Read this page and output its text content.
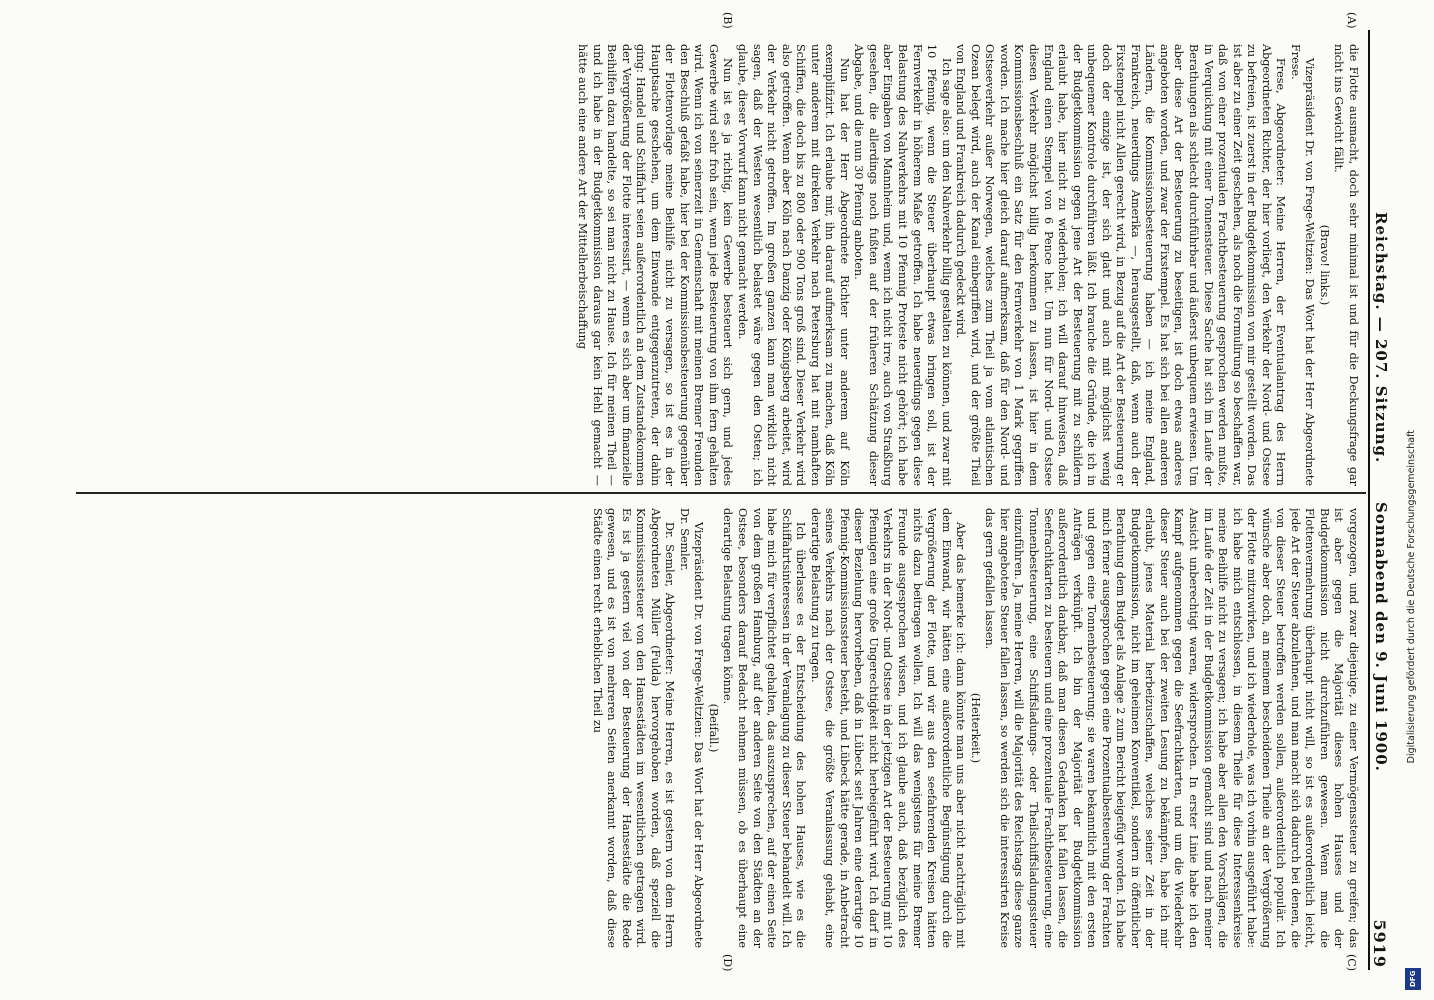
Reichstag. — 207. Sitzung.
Sonnabend den 9. Juni 1900.
5919
(A)
(B)
(C)
(D)

die Flotte ausmacht, doch sehr minimal ist und für die Deckungsfrage gar nicht ins Gewicht fällt.

(Bravo! links.)

Vizepräsident Dr. von Frege-Weltzien: Das Wort hat der Herr Abgeordnete Frese.

Frese, Abgeordneter: Meine Herren, der Eventualantrag des Herrn Abgeordneten Richter, der hier vorliegt, den Verkehr der Nord- und Ostsee zu befreien, ist zuerst in der Budgetkommission von mir gestellt worden. Das ist aber zu einer Zeit geschehen, als noch die Formulirung so beschaffen war, daß von einer prozentualen Frachtbesteuerung gesprochen werden mußte, in Verquickung mit einer Tonnensteuer. Diese Sache hat sich im Laufe der Berathungen als schlecht durchführbar und äußerst unbequem erwiesen. Um aber diese Art der Besteuerung zu beseitigen, ist doch etwas anderes angeboten worden, und zwar der Fixstempel. Es hat sich bei allen anderen Ländern, die Kommissionsbesteuerung haben — ich meine England, Frankreich, neuerdings Amerika —, herausgestellt, daß, wenn auch der Fixstempel nicht Allen gerecht wird, in Bezug auf die Art der Besteuerung er doch der einzige ist, der sich glatt und auch mit möglichst wenig unbequemer Kontrole durchführen läßt. Ich brauche die Gründe, die ich in der Budgetkommission gegen jene Art der Besteuerung mit zu schildern erlaubt habe, hier nicht zu wiederholen; ich will darauf hinweisen, daß England einen Stempel von 6 Pence hat. Um nun für Nord- und Ostsee diesen Verkehr möglichst billig herkommen zu lassen, ist hier in dem Kommissionsbeschluß ein Satz für den Fernverkehr von 1 Mark gegriffen worden. Ich mache hier gleich darauf aufmerksam, daß für den Nord- und Ostseeverkehr außer Norwegen, welches zum Theil ja vom atlantischen Ozean belegt wird, auch der Kanal einbegriffen wird, und der größte Theil von England und Frankreich dadurch gedeckt wird.

Ich sage also: um den Nahverkehr billig gestalten zu können, und zwar mit 10 Pfennig, wenn die Steuer überhaupt etwas bringen soll, ist der Fernverkehr in höherem Maße getroffen. Ich habe neuerdings gegen diese Belastung des Nahverkehrs mit 10 Pfennig Proteste nicht gehört; ich habe aber Eingaben von Mannheim und, wenn ich nicht irre, auch von Straßburg gesehen, die allerdings noch fußten auf der früheren Schätzung dieser Abgabe, und die nun 30 Pfennig anboten.

Nun hat der Herr Abgeordnete Richter unter anderem auf Köln exemplifizirt. Ich erlaube mir, ihn darauf aufmerksam zu machen, daß Köln unter anderem mit direkten Verkehr nach Petersburg hat mit namhaften Schiffen, die doch bis zu 800 oder 900 Tons groß sind. Dieser Verkehr wird also getroffen. Wenn aber Köln nach Danzig oder Königsberg arbeitet, wird der Verkehr nicht getroffen. Im großen ganzen kann man wirklich nicht sagen, daß der Westen wesentlich belastet wäre gegen den Osten; ich glaube, dieser Vorwurf kann nicht gemacht werden.

Nun ist es ja richtig, kein Gewerbe besteuert sich gern, und jedes Gewerbe wird sehr froh sein, wenn jede Besteuerung von ihm fern gehalten wird. Wenn ich von seinerzeit in Gemeinschaft mit meinen Bremer Freunden den Beschluß gefaßt habe, hier bei der Kommissionsbesteuerung gegenüber der Flottenvorlage meine Beihilfe nicht zu versagen, so ist es in der Hauptsache geschehen, um dem Einwande entgegenzutreten, der dahin ging: Handel und Schiffahrt seien außerordentlich an dem Zustandekommen der Vergrößerung der Flotte interessirt, — wenn es sich aber um finanzielle Beihilfen dazu handelte, so sei man nicht zu Hause. Ich für meinen Theil — und ich habe in der Budgetkommission daraus gar kein Hehl gemacht — hätte auch eine andere Art der Mittelherbeischaffung

vorgezogen, und zwar diejenige, zu einer Vermögenssteuer zu greifen; das ist aber gegen die Majorität dieses hohen Hauses und der Budgetkommission nicht durchzuführen gewesen. Wenn man die Flottenvermehrung überhaupt nicht will, so ist es außerordentlich leicht, jede Art der Steuer abzulehnen, und man macht sich dadurch bei denen, die von dieser Steuer betroffen werden sollen, außerordentlich populär. Ich wünsche aber doch, an meinem bescheidenen Theile an der Vergrößerung der Flotte mitzuwirken, und ich wiederhole, was ich vorhin ausgeführt habe: ich habe mich entschlossen, in diesem Theile für diese Interessenkreise meine Beihilfe nicht zu versagen; ich habe aber allen den Vorschlägen, die im Laufe der Zeit in der Budgetkommission gemacht sind und nach meiner Ansicht unberechtigt waren, widersprochen. In erster Linie habe ich den Kampf aufgenommen gegen die Seefrachtkarten, und um die Wiederkehr dieser Steuer auch bei der zweiten Lesung zu bekämpfen, habe ich mir erlaubt, jenes Material herbeizuschaffen, welches seiner Zeit in der Budgetkommission, nicht im geheimen Konventikel, sondern in öffentlicher Berathung dem Budget als Anlage 2 zum Bericht beigefügt worden. Ich habe mich ferner ausgesprochen gegen eine Prozentualbesteuerung der Frachten und gegen eine Tonnenbesteuerung; sie waren bekanntlich mit den ersten Anträgen verknüpft. Ich bin der Majorität der Budgetkommission außerordentlich dankbar, daß man diesen Gedanken hat fallen lassen, die Seefrachtkarten zu besteuern und eine prozentuale Frachtbesteuerung, eine Tonnenbesteuerung, eine Schiffsladungs- oder Theilschiffsladungssteuer einzuführen. Ja, meine Herren, will die Majorität des Reichstags diese ganze hier angebotene Steuer fallen lassen, so werden sich die interessirten Kreise das gern gefallen lassen.

(Heiterkeit.)

Aber das bemerke ich: dann könnte man uns aber nicht nachträglich mit dem Einwand, wir hätten eine außerordentliche Begünstigung durch die Vergrößerung der Flotte, und wir aus den seefahrenden Kreisen hätten nichts dazu beitragen wollen. Ich will das wenigstens für meine Bremer Freunde ausgesprochen wissen, und ich glaube auch, daß bezüglich des Verkehrs in der Nord- und Ostsee in der jetzigen Art der Besteuerung mit 10 Pfennigen eine große Ungerechtigkeit nicht herbeigeführt wird. Ich darf in dieser Beziehung hervorheben, daß in Lübeck seit Jahren eine derartige 10 Pfennig-Kommissionssteuer besteht, und Lübeck hätte gerade, in Anbetracht seines Verkehrs nach der Ostsee, die größte Veranlassung gehabt, eine derartige Belastung zu tragen.

Ich überlasse es der Entscheidung des hohen Hauses, wie es die Schiffahrtsinteressen in der Veranlagung zu dieser Steuer behandelt will. Ich habe mich für verpflichtet gehalten, das auszusprechen, auf der einen Seite von dem großen Hamburg, auf der anderen Seite von den Städten an der Ostsee, besonders darauf Bedacht nehmen müssen, ob es überhaupt eine derartige Belastung tragen könne.

(Beifall.)

Vizepräsident Dr. von Frege-Weltzien: Das Wort hat der Herr Abgeordnete Dr. Semler.

Dr. Semler, Abgeordneter: Meine Herren, es ist gestern von dem Herrn Abgeordneten Müller (Fulda) hervorgehoben worden, daß speziell die Kommissionssteuer von den Hansestädten im wesentlichen getragen wird. Es ist ja gestern viel von der Besteuerung der Hansestädte die Rede gewesen, und es ist von mehreren Seiten anerkannt worden, daß diese Städte einen recht erheblichen Theil zu	Digitalisierung gefördert durch die Deutsche Forschungsgemeinschaft
DFG
